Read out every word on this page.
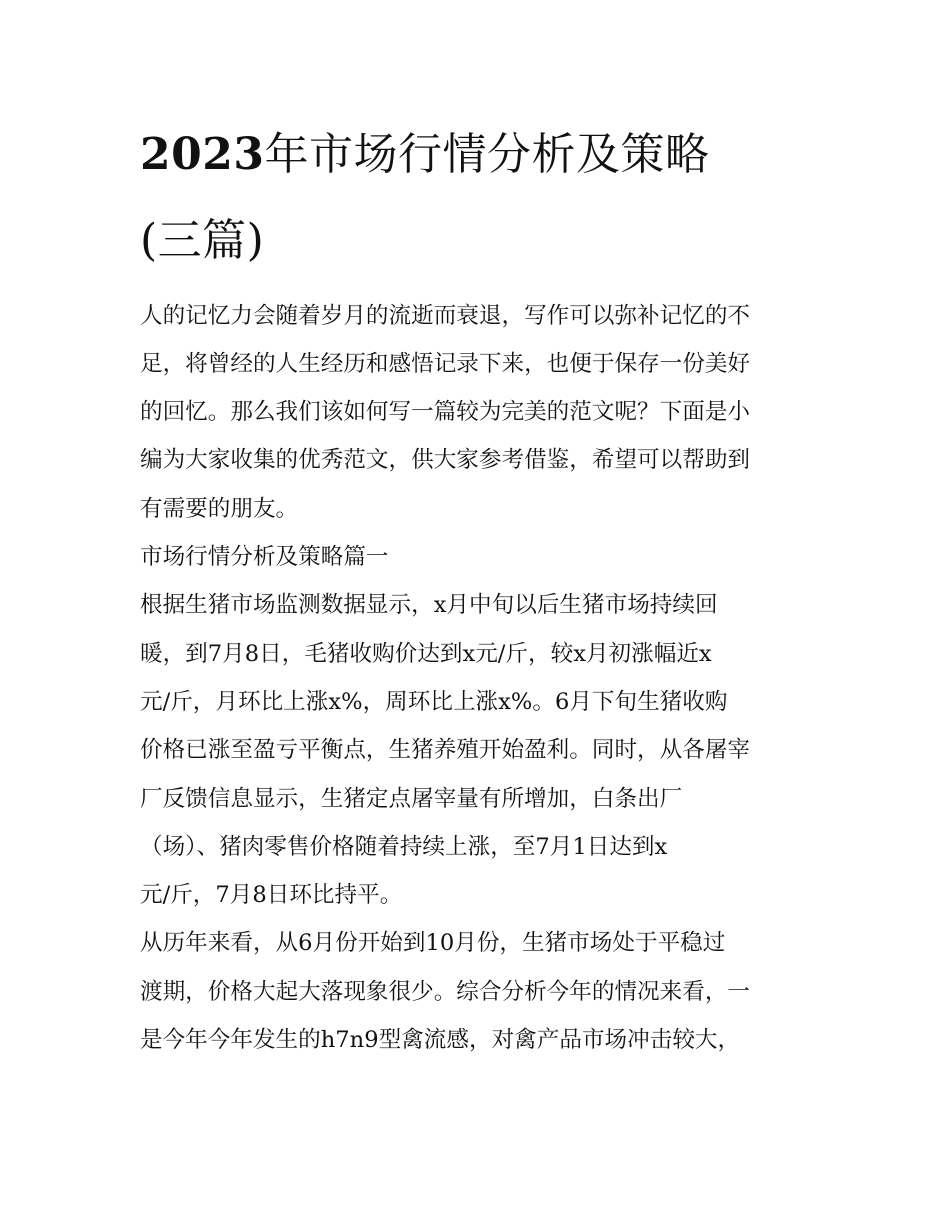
2023年市场行情分析及策略
(三篇)

人的记忆力会随着岁月的流逝而衰退，写作可以弥补记忆的不
足，将曾经的人生经历和感悟记录下来，也便于保存一份美好
的回忆。那么我们该如何写一篇较为完美的范文呢？下面是小
编为大家收集的优秀范文，供大家参考借鉴，希望可以帮助到
有需要的朋友。

市场行情分析及策略篇一

根据生猪市场监测数据显示，x月中旬以后生猪市场持续回
暖，到7月8日，毛猪收购价达到x元/斤，较x月初涨幅近x
元/斤，月环比上涨x%，周环比上涨x%。6月下旬生猪收购
价格已涨至盈亏平衡点，生猪养殖开始盈利。同时，从各屠宰
厂反馈信息显示，生猪定点屠宰量有所增加，白条出厂
（场）、猪肉零售价格随着持续上涨，至7月1日达到x
元/斤，7月8日环比持平。

从历年来看，从6月份开始到10月份，生猪市场处于平稳过
渡期，价格大起大落现象很少。综合分析今年的情况来看，一
是今年今年发生的h7n9型禽流感，对禽产品市场冲击较大，
